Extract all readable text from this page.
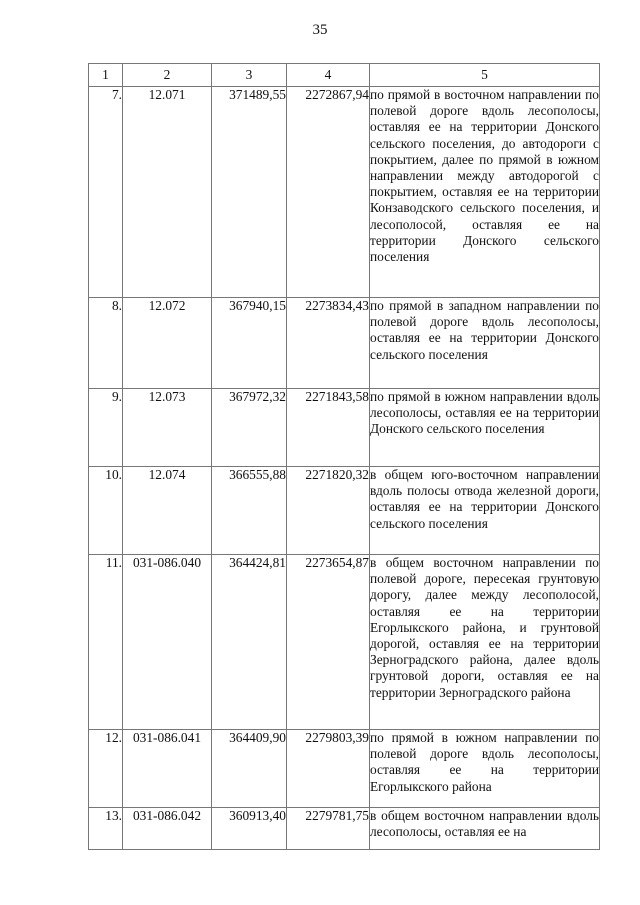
35
1	2	3	4	5
7.	12.071	371489,55	2272867,94	по прямой в восточном направлении по полевой дороге вдоль лесополосы, оставляя ее на территории Донского сельского поселения, до автодороги с покрытием, далее по прямой в южном направлении между автодорогой с покрытием, оставляя ее на территории Конзаводского сельского поселения, и лесополосой, оставляя ее на территории Донского сельского поселения
8.	12.072	367940,15	2273834,43	по прямой в западном направлении по полевой дороге вдоль лесополосы, оставляя ее на территории Донского сельского поселения
9.	12.073	367972,32	2271843,58	по прямой в южном направлении вдоль лесополосы, оставляя ее на территории Донского сельского поселения
10.	12.074	366555,88	2271820,32	в общем юго-восточном направлении вдоль полосы отвода железной дороги, оставляя ее на территории Донского сельского поселения
11.	031-086.040	364424,81	2273654,87	в общем восточном направлении по полевой дороге, пересекая грунтовую дорогу, далее между лесополосой, оставляя ее на территории Егорлыкского района, и грунтовой дорогой, оставляя ее на территории Зерноградского района, далее вдоль грунтовой дороги, оставляя ее на территории Зерноградского района
12.	031-086.041	364409,90	2279803,39	по прямой в южном направлении по полевой дороге вдоль лесополосы, оставляя ее на территории Егорлыкского района
13.	031-086.042	360913,40	2279781,75	в общем восточном направлении вдоль лесополосы, оставляя ее на
